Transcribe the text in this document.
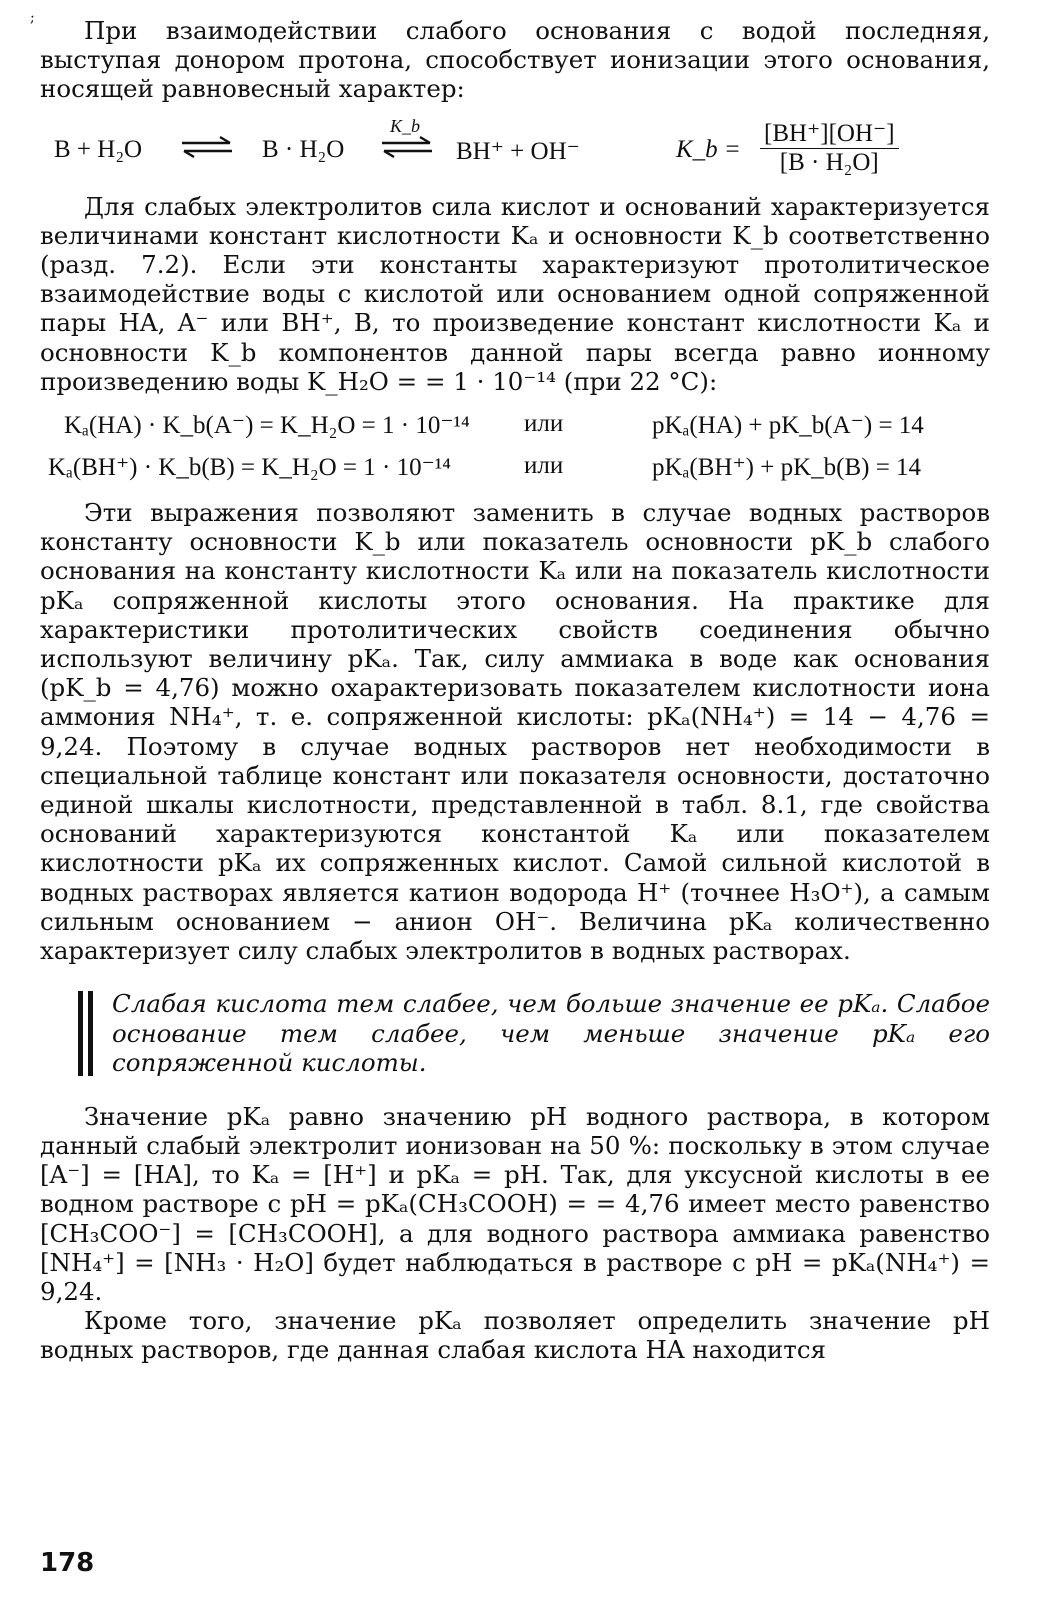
;	При взаимодействии слабого основания с водой последняя, выступая донором протона, способствует ионизации этого основания, носящей равновесный характер:

B + H₂O ⇌ B · H₂O
K_b
⇌ BH⁺ + OH⁻	K_b = $\frac{[BH^+][OH^-]}{\text{[B · H₂O]}}$

Для слабых электролитов сила кислот и оснований характеризуется величинами констант кислотности Kₐ и основности K_b соответственно (разд. 7.2). Если эти константы характеризуют протолитическое взаимодействие воды с кислотой или основанием одной сопряженной пары HA, A⁻ или BH⁺, B, то произведение констант кислотности Kₐ и основности K_b компонентов данной пары всегда равно ионному произведению воды K_H₂O = = 1 · 10⁻¹⁴ (при 22 °C):

Kₐ(HA) · K_b(A⁻) = K_H₂O = 1 · 10⁻¹⁴ или	pKₐ(HA) + pK_b(A⁻) = 14
Kₐ(BH⁺) · K_b(B) = K_H₂O = 1 · 10⁻¹⁴	или	pKₐ(BH⁺) + pK_b(B) = 14

Эти выражения позволяют заменить в случае водных растворов константу основности K_b или показатель основности pK_b слабого основания на константу кислотности Kₐ или на показатель кислотности pKₐ сопряженной кислоты этого основания. На практике для характеристики протолитических свойств соединения обычно используют величину pKₐ. Так, силу аммиака в воде как основания (pK_b = 4,76) можно охарактеризовать показателем кислотности иона аммония NH₄⁺, т. е. сопряженной кислоты: pKₐ(NH₄⁺) = 14 − 4,76 = 9,24. Поэтому в случае водных растворов нет необходимости в специальной таблице констант или показателя основности, достаточно единой шкалы кислотности, представленной в табл. 8.1, где свойства оснований характеризуются константой Kₐ или показателем кислотности pKₐ их сопряженных кислот. Самой сильной кислотой в водных растворах является катион водорода H⁺ (точнее H₃O⁺), а самым сильным основанием − анион OH⁻. Величина pKₐ количественно характеризует силу слабых электролитов в водных растворах.

Слабая кислота тем слабее, чем больше значение ее pKₐ. Слабое основание тем слабее, чем меньше значение pKₐ его сопряженной кислоты.

Значение pKₐ равно значению pH водного раствора, в котором данный слабый электролит ионизован на 50 %: поскольку в этом случае [A⁻] = [HA], то Kₐ = [H⁺] и pKₐ = pH. Так, для уксусной кислоты в ее водном растворе с pH = pKₐ(CH₃COOH) = = 4,76 имеет место равенство [CH₃COO⁻] = [CH₃COOH], а для водного раствора аммиака равенство [NH₄⁺] = [NH₃ · H₂O] будет наблюдаться в растворе с pH = pKₐ(NH₄⁺) = 9,24.

Кроме того, значение pKₐ позволяет определить значение pH водных растворов, где данная слабая кислота HA находится

178
